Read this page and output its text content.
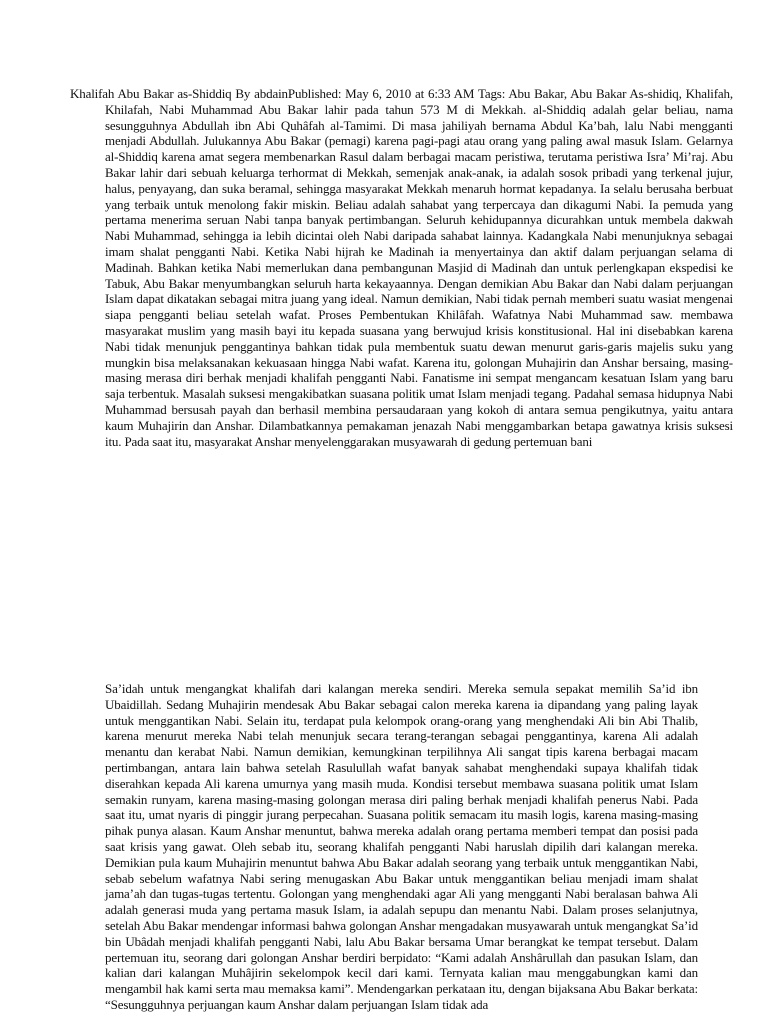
Khalifah Abu Bakar as-Shiddiq By abdainPublished: May 6, 2010 at 6:33 AM Tags: Abu Bakar, Abu Bakar As-shidiq, Khalifah, Khilafah, Nabi Muhammad Abu Bakar lahir pada tahun 573 M di Mekkah. al-Shiddiq adalah gelar beliau, nama sesungguhnya Abdullah ibn Abi Quhâfah al-Tamimi. Di masa jahiliyah bernama Abdul Ka’bah, lalu Nabi mengganti menjadi Abdullah. Julukannya Abu Bakar (pemagi) karena pagi-pagi atau orang yang paling awal masuk Islam. Gelarnya al-Shiddiq karena amat segera membenarkan Rasul dalam berbagai macam peristiwa, terutama peristiwa Isra’ Mi’raj. Abu Bakar lahir dari sebuah keluarga terhormat di Mekkah, semenjak anak-anak, ia adalah sosok pribadi yang terkenal jujur, halus, penyayang, dan suka beramal, sehingga masyarakat Mekkah menaruh hormat kepadanya. Ia selalu berusaha berbuat yang terbaik untuk menolong fakir miskin. Beliau adalah sahabat yang terpercaya dan dikagumi Nabi. Ia pemuda yang pertama menerima seruan Nabi tanpa banyak pertimbangan. Seluruh kehidupannya dicurahkan untuk membela dakwah Nabi Muhammad, sehingga ia lebih dicintai oleh Nabi daripada sahabat lainnya. Kadangkala Nabi menunjuknya sebagai imam shalat pengganti Nabi. Ketika Nabi hijrah ke Madinah ia menyertainya dan aktif dalam perjuangan selama di Madinah. Bahkan ketika Nabi memerlukan dana pembangunan Masjid di Madinah dan untuk perlengkapan ekspedisi ke Tabuk, Abu Bakar menyumbangkan seluruh harta kekayaannya. Dengan demikian Abu Bakar dan Nabi dalam perjuangan Islam dapat dikatakan sebagai mitra juang yang ideal. Namun demikian, Nabi tidak pernah memberi suatu wasiat mengenai siapa pengganti beliau setelah wafat. Proses Pembentukan Khilâfah. Wafatnya Nabi Muhammad saw. membawa masyarakat muslim yang masih bayi itu kepada suasana yang berwujud krisis konstitusional. Hal ini disebabkan karena Nabi tidak menunjuk penggantinya bahkan tidak pula membentuk suatu dewan menurut garis-garis majelis suku yang mungkin bisa melaksanakan kekuasaan hingga Nabi wafat. Karena itu, golongan Muhajirin dan Anshar bersaing, masing-masing merasa diri berhak menjadi khalifah pengganti Nabi. Fanatisme ini sempat mengancam kesatuan Islam yang baru saja terbentuk. Masalah suksesi mengakibatkan suasana politik umat Islam menjadi tegang. Padahal semasa hidupnya Nabi Muhammad bersusah payah dan berhasil membina persaudaraan yang kokoh di antara semua pengikutnya, yaitu antara kaum Muhajirin dan Anshar. Dilambatkannya pemakaman jenazah Nabi menggambarkan betapa gawatnya krisis suksesi itu. Pada saat itu, masyarakat Anshar menyelenggarakan musyawarah di gedung pertemuan bani

Sa’idah untuk mengangkat khalifah dari kalangan mereka sendiri. Mereka semula sepakat memilih Sa’id ibn Ubaidillah. Sedang Muhajirin mendesak Abu Bakar sebagai calon mereka karena ia dipandang yang paling layak untuk menggantikan Nabi. Selain itu, terdapat pula kelompok orang-orang yang menghendaki Ali bin Abi Thalib, karena menurut mereka Nabi telah menunjuk secara terang-terangan sebagai penggantinya, karena Ali adalah menantu dan kerabat Nabi. Namun demikian, kemungkinan terpilihnya Ali sangat tipis karena berbagai macam pertimbangan, antara lain bahwa setelah Rasulullah wafat banyak sahabat menghendaki supaya khalifah tidak diserahkan kepada Ali karena umurnya yang masih muda. Kondisi tersebut membawa suasana politik umat Islam semakin runyam, karena masing-masing golongan merasa diri paling berhak menjadi khalifah penerus Nabi. Pada saat itu, umat nyaris di pinggir jurang perpecahan. Suasana politik semacam itu masih logis, karena masing-masing pihak punya alasan. Kaum Anshar menuntut, bahwa mereka adalah orang pertama memberi tempat dan posisi pada saat krisis yang gawat. Oleh sebab itu, seorang khalifah pengganti Nabi haruslah dipilih dari kalangan mereka. Demikian pula kaum Muhajirin menuntut bahwa Abu Bakar adalah seorang yang terbaik untuk menggantikan Nabi, sebab sebelum wafatnya Nabi sering menugaskan Abu Bakar untuk menggantikan beliau menjadi imam shalat jama’ah dan tugas-tugas tertentu. Golongan yang menghendaki agar Ali yang mengganti Nabi beralasan bahwa Ali adalah generasi muda yang pertama masuk Islam, ia adalah sepupu dan menantu Nabi. Dalam proses selanjutnya, setelah Abu Bakar mendengar informasi bahwa golongan Anshar mengadakan musyawarah untuk mengangkat Sa’id bin Ubâdah menjadi khalifah pengganti Nabi, lalu Abu Bakar bersama Umar berangkat ke tempat tersebut. Dalam pertemuan itu, seorang dari golongan Anshar berdiri berpidato: “Kami adalah Anshârullah dan pasukan Islam, dan kalian dari kalangan Muhâjirin sekelompok kecil dari kami. Ternyata kalian mau menggabungkan kami dan mengambil hak kami serta mau memaksa kami”. Mendengarkan perkataan itu, dengan bijaksana Abu Bakar berkata: “Sesungguhnya perjuangan kaum Anshar dalam perjuangan Islam tidak ada
